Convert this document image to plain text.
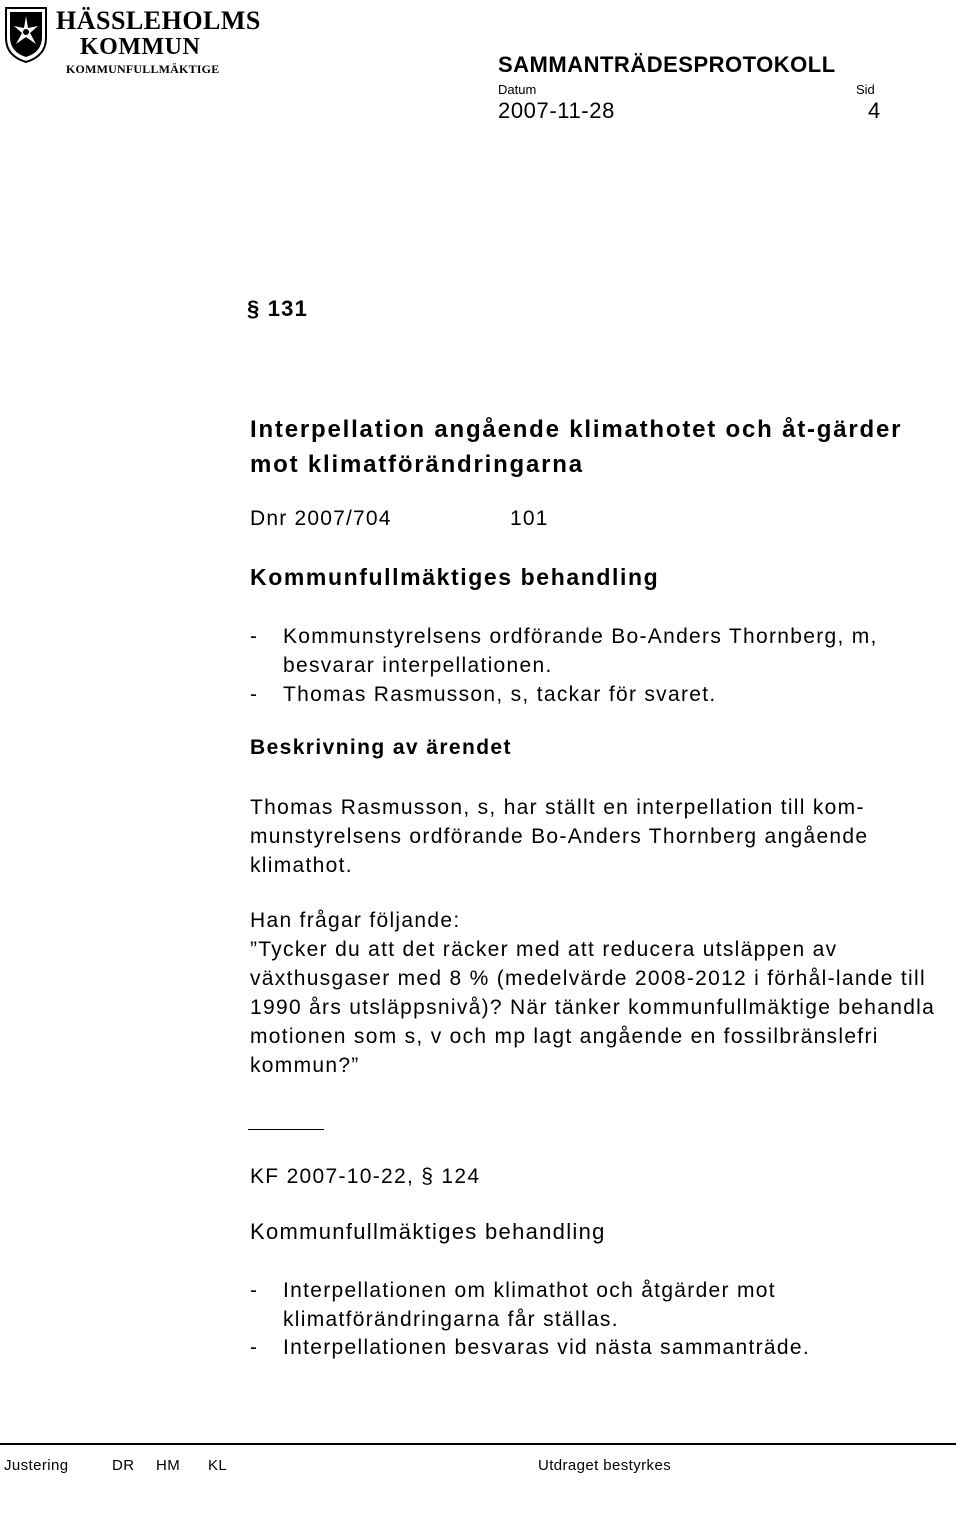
HÄSSLEHOLMS
KOMMUN
KOMMUNFULLMÄKTIGE	SAMMANTRÄDESPROTOKOLL
Datum	Sid
2007-11-28	4
§ 131
Interpellation angående klimathotet och åt-gärder mot klimatförändringarna
Dnr 2007/704	101
Kommunfullmäktiges behandling
- Kommunstyrelsens ordförande Bo-Anders Thornberg, m, besvarar interpellationen.
- Thomas Rasmusson, s, tackar för svaret.
Beskrivning av ärendet
Thomas Rasmusson, s, har ställt en interpellation till kom-munstyrelsens ordförande Bo-Anders Thornberg angående klimathot.
Han frågar följande:
”Tycker du att det räcker med att reducera utsläppen av växthusgaser med 8 % (medelvärde 2008-2012 i förhål-lande till 1990 års utsläppsnivå)? När tänker kommunfullmäktige behandla motionen som s, v och mp lagt angående en fossilbränslefri kommun?”
KF 2007-10-22, § 124
Kommunfullmäktiges behandling
- Interpellationen om klimathot och åtgärder mot klimatförändringarna får ställas.
- Interpellationen besvaras vid nästa sammanträde.
Justering	DR HM KL	Utdraget bestyrkes
